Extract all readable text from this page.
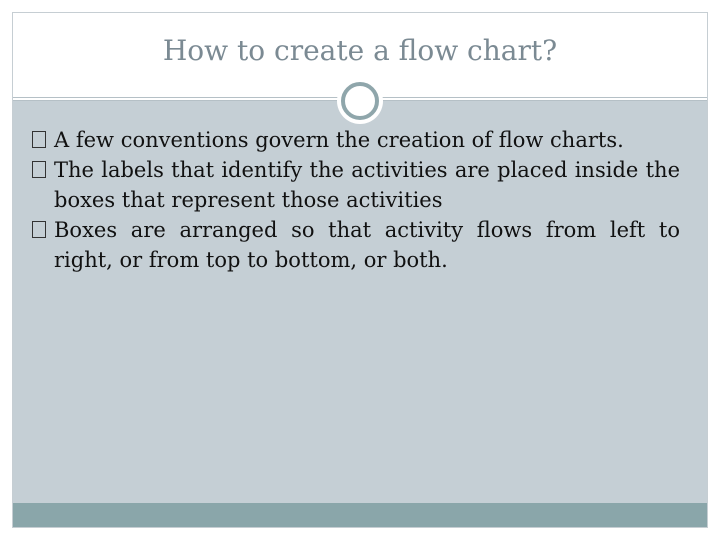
How to create a flow chart?
A few conventions govern the creation of flow charts.
The labels that identify the activities are placed inside the boxes that represent those activities
Boxes are arranged so that activity flows from left to right, or from top to bottom, or both.
